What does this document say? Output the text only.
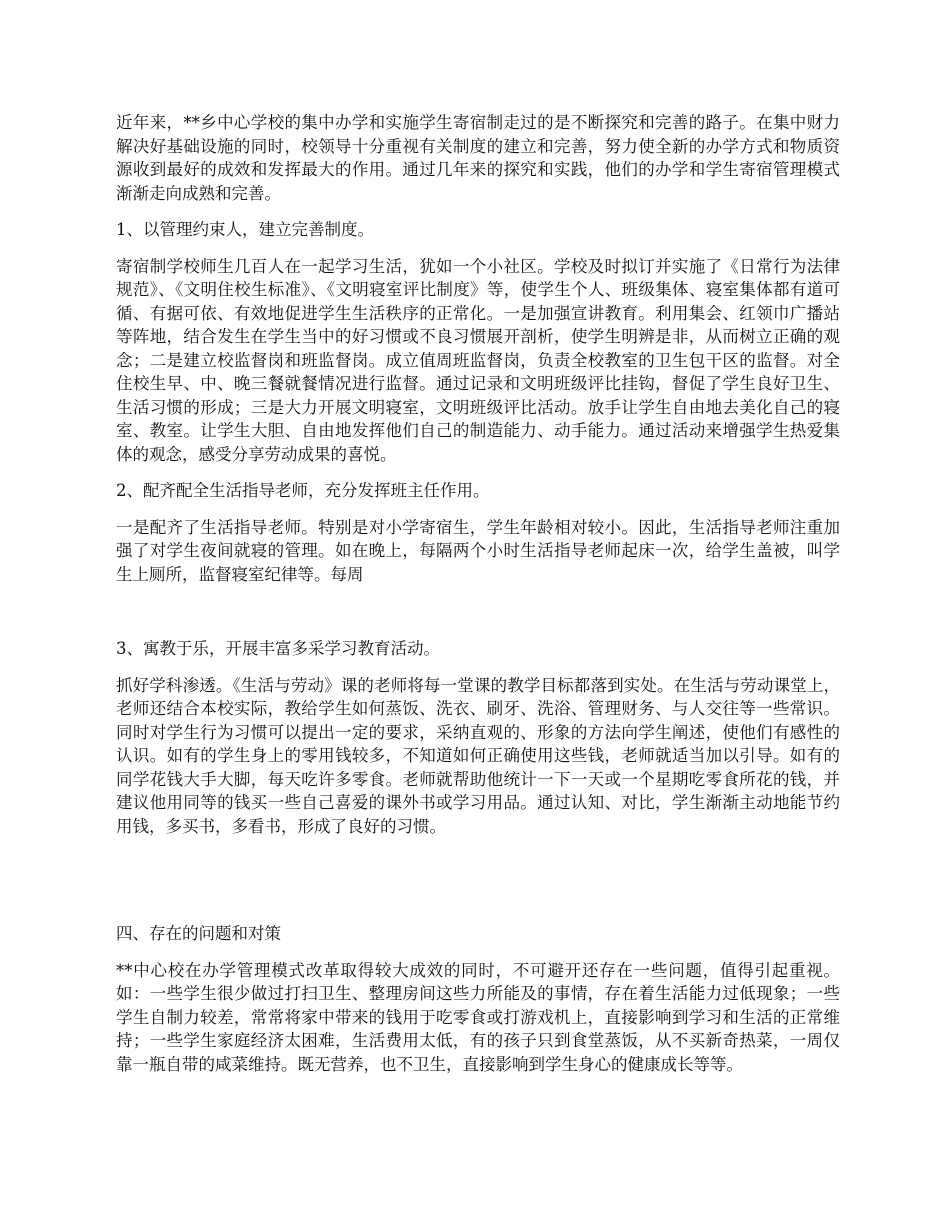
近年来，**乡中心学校的集中办学和实施学生寄宿制走过的是不断探究和完善的路子。在集中财力解决好基础设施的同时，校领导十分重视有关制度的建立和完善，努力使全新的办学方式和物质资源收到最好的成效和发挥最大的作用。通过几年来的探究和实践，他们的办学和学生寄宿管理模式渐渐走向成熟和完善。

1、以管理约束人，建立完善制度。

寄宿制学校师生几百人在一起学习生活，犹如一个小社区。学校及时拟订并实施了《日常行为法律规范》、《文明住校生标准》、《文明寝室评比制度》等，使学生个人、班级集体、寝室集体都有道可循、有据可依、有效地促进学生生活秩序的正常化。一是加强宣讲教育。利用集会、红领巾广播站等阵地，结合发生在学生当中的好习惯或不良习惯展开剖析，使学生明辨是非，从而树立正确的观念；二是建立校监督岗和班监督岗。成立值周班监督岗，负责全校教室的卫生包干区的监督。对全住校生早、中、晚三餐就餐情况进行监督。通过记录和文明班级评比挂钩，督促了学生良好卫生、生活习惯的形成；三是大力开展文明寝室，文明班级评比活动。放手让学生自由地去美化自己的寝室、教室。让学生大胆、自由地发挥他们自己的制造能力、动手能力。通过活动来增强学生热爱集体的观念，感受分享劳动成果的喜悦。

2、配齐配全生活指导老师，充分发挥班主任作用。

一是配齐了生活指导老师。特别是对小学寄宿生，学生年龄相对较小。因此，生活指导老师注重加强了对学生夜间就寝的管理。如在晚上，每隔两个小时生活指导老师起床一次，给学生盖被，叫学生上厕所，监督寝室纪律等。每周

3、寓教于乐，开展丰富多采学习教育活动。

抓好学科渗透。《生活与劳动》课的老师将每一堂课的教学目标都落到实处。在生活与劳动课堂上，老师还结合本校实际，教给学生如何蒸饭、洗衣、刷牙、洗浴、管理财务、与人交往等一些常识。同时对学生行为习惯可以提出一定的要求，采纳直观的、形象的方法向学生阐述，使他们有感性的认识。如有的学生身上的零用钱较多，不知道如何正确使用这些钱，老师就适当加以引导。如有的同学花钱大手大脚，每天吃许多零食。老师就帮助他统计一下一天或一个星期吃零食所花的钱，并建议他用同等的钱买一些自己喜爱的课外书或学习用品。通过认知、对比，学生渐渐主动地能节约用钱，多买书，多看书，形成了良好的习惯。

四、存在的问题和对策

**中心校在办学管理模式改革取得较大成效的同时，不可避开还存在一些问题，值得引起重视。如：一些学生很少做过打扫卫生、整理房间这些力所能及的事情，存在着生活能力过低现象；一些学生自制力较差，常常将家中带来的钱用于吃零食或打游戏机上，直接影响到学习和生活的正常维持；一些学生家庭经济太困难，生活费用太低，有的孩子只到食堂蒸饭，从不买新奇热菜，一周仅靠一瓶自带的咸菜维持。既无营养，也不卫生，直接影响到学生身心的健康成长等等。
